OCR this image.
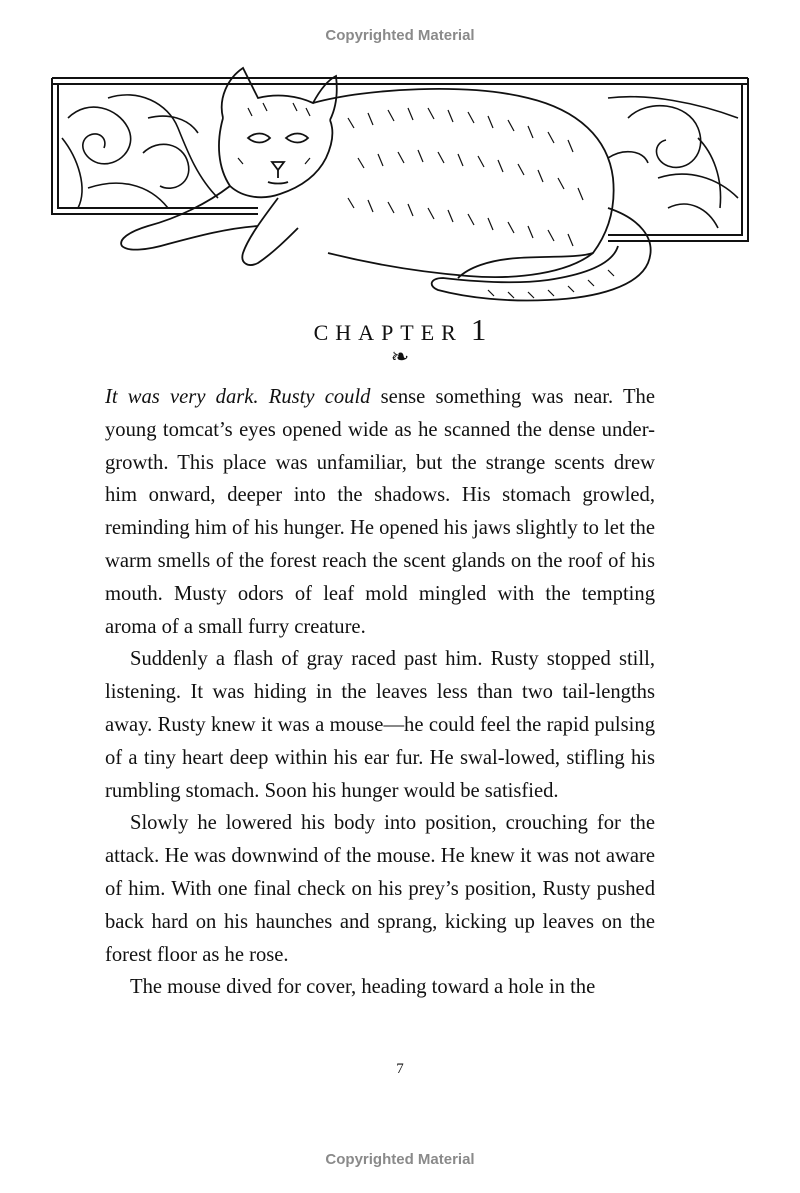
Copyrighted Material
CHAPTER 1
❧

It was very dark. Rusty could sense something was near. The young tomcat’s eyes opened wide as he scanned the dense under-growth. This place was unfamiliar, but the strange scents drew him onward, deeper into the shadows. His stomach growled, reminding him of his hunger. He opened his jaws slightly to let the warm smells of the forest reach the scent glands on the roof of his mouth. Musty odors of leaf mold mingled with the tempting aroma of a small furry creature.

Suddenly a flash of gray raced past him. Rusty stopped still, listening. It was hiding in the leaves less than two tail-lengths away. Rusty knew it was a mouse—he could feel the rapid pulsing of a tiny heart deep within his ear fur. He swal-lowed, stifling his rumbling stomach. Soon his hunger would be satisfied.

Slowly he lowered his body into position, crouching for the attack. He was downwind of the mouse. He knew it was not aware of him. With one final check on his prey’s position, Rusty pushed back hard on his haunches and sprang, kicking up leaves on the forest floor as he rose.

The mouse dived for cover, heading toward a hole in the

7
Copyrighted Material
